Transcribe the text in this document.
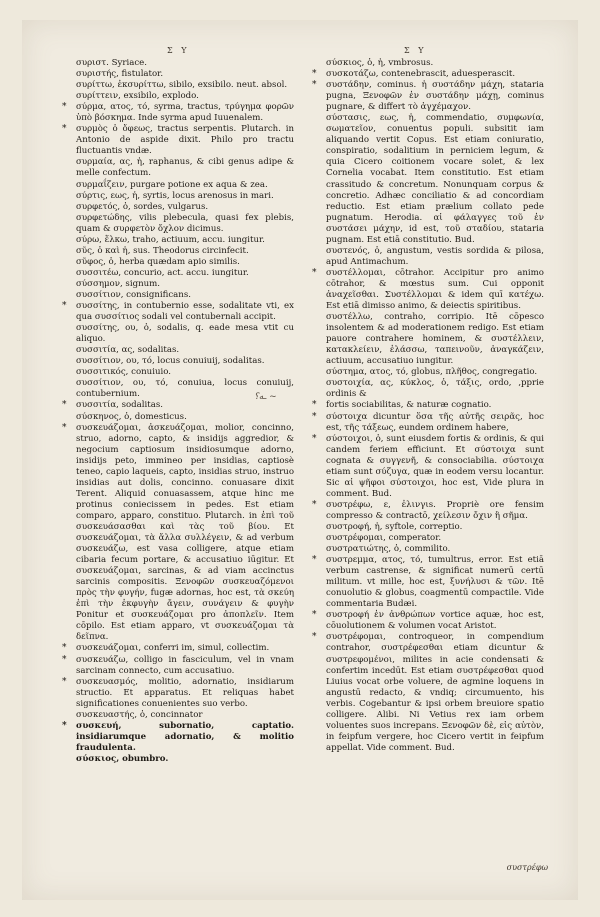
Σ Υ	Σ Υ

συριστ. Syriace.

συριστής, fistulator.

συρίττω, ἐκσυρίττω, sibilo, exsibilo. neut. absol.

συρίττειν, exsibilo, explodo.

* σύρμα, ατος, τό, syrma, tractus, τρύγημα φορῶν ὑπὸ βόσκημα. Inde syrma apud Iuuenalem.

* συρμὸς ὁ ὄφεως, tractus serpentis. Plutarch. in Antonio de aspide dixit. Philo pro tractu fluctuantis vndæ.

συρμαία, ας, ἡ, raphanus, & cibi genus adipe & melle confectum.

συρμαΐζειν, purgare potione ex aqua & zea.

σύρτις, εως, ἡ, syrtis, locus arenosus in mari.

συρφετός, ὁ, sordes, vulgarus.

συρφετώδης, vilis plebecula, quasi fex plebis, quam & συρφετὸν ὄχλον dicimus.

σύρω, ἕλκω, traho, actiuum, accu. iungitur.

σῦς, ὁ καὶ ἡ, sus. Theodorus circinfecit.

σῦφος, ὁ, herba quædam apio similis.

συσσιτέω, concurio, act. accu. iungitur.

σύσσημον, signum.

συσσίτιον, consignificans.

* συσσίτης, in contubernio esse, sodalitate vti, ex qua συσσίτιος sodali vel contubernali accipit.

συσσίτης, ου, ὁ, sodalis, q. eade mesa vtit cu aliquo.

συσσιτία, ας, sodalitas.

συσσίτιον, ου, τό, locus conuiuij, sodalitas.

συσσιτικός, conuiuio.

συσσίτιον, ου, τό, conuiua, locus conuiuij, contubernium.

* συσσιτία, sodalitas.

σύσκηνος, ὁ, domesticus.

* συσκευάζομαι, ἀσκευάζομαι, molior, concinno, struo, adorno, capto, & insidijs aggredior, & negocium captiosum insidiosumque adorno, insidijs peto, immineo per insidias, captiosè teneo, capio laqueis, capto, insidias struo, instruo insidias aut dolis, concinno. conuasare dixit Terent. Aliquid conuasassem, atque hinc me protinus coniecissem in pedes. Est etiam comparo, apparo, constituo. Plutarch. in ἐπὶ τοῦ συσκευάσασθαι καὶ τὰς τοῦ βίου. Et συσκευάζομαι, τὰ ἄλλα συλλέγειν, & ad verbum συσκευάζω, est vasa colligere, atque etiam cibaria fecum portare, & accusatiuo iūgitur. Et συσκευάζομαι, sarcinas, & ad viam accinctus sarcinis compositis. Ξενοφῶν συσκευαζόμενοι πρὸς τὴν φυγήν, fugæ adornas, hoc est, τὰ σκεύη ἐπὶ τὴν ἐκφυγὴν ἄγειν, συνάγειν & φυγὴν Ponitur et συσκευάζομαι pro ἀποπλεῖν. Item cōpilo. Est etiam apparo, vt συσκευάζομαι τὰ δεῖπνα.

* συσκευάζομαι, conferri im, simul, collectim.

* συσκευάζω, colligo in fasciculum, vel in vnam sarcinam connecto, cum accusatiuo.

* συσκευασμός, molitio, adornatio, insidiarum structio. Et apparatus. Et reliquas habet significationes conuenientes suo verbo.

συσκευαστής, ὁ, concinnator

* συσκευή, subornatio, captatio. insidiarumque adornatio, & molitio fraudulenta.

σύσκιος, obumbro.

σύσκιος, ὁ, ἡ, vmbrosus.

* συσκοτάζω, contenebrascit, aduesperascit.

* συστάδην, cominus. ἡ συστάδην μάχη, stataria pugna, Ξενοφῶν ἐν συστάδην μάχῃ, cominus pugnare, & differt τὸ ἀγχέμαχον.

σύστασις, εως, ἡ, commendatio, συμφωνία, σωματεῖον, conuentus populi. subsitit iam aliquando vertit Copus. Est etiam coniuratio, conspiratio, sodalitium in perniciem legum, & quia Cicero coitionem vocare solet, & lex Cornelia vocabat. Item constitutio. Est etiam crassitudo & concretum. Nonunquam corpus & concretio. Adhæc conciliatio & ad concordiam reductio. Est etiam prælium collato pede pugnatum. Herodia. αἱ φάλαγγες τοῦ ἐν συστάσει μάχην, id est, τοῦ σταδίου, stataria pugnam. Est etiā constitutio. Bud.

συστενός, ὁ, angustum, vestis sordida & pilosa, apud Antimachum.

* συστέλλομαι, cōtrahor. Accipitur pro animo cōtrahor, & mœstus sum. Cui opponit ἀναχεῖσθαι. Συστέλλομαι & idem quī κατέχω. Est etiā dimisso animo, & deiectis spiritibus.

συστέλλω, contraho, corripio. Itē cōpesco insolentem & ad moderationem redigo. Est etiam pauore contrahere hominem, & συστέλλειν, κατακλείειν, ἐλάσσω, ταπεινοῦν, ἀναγκάζειν, actiuum, accusatiuo iungitur.

σύστημα, ατος, τό, globus, πλῆθος, congregatio.

συστοιχία, ας, κύκλος, ὁ, τάξις, ordo, ,pprie ordinis &

* fortis sociabilitas, & naturæ cognatio.

* σύστοιχα dicuntur ὅσα τῆς αὐτῆς σειρᾶς, hoc est, τῆς τάξεως, eundem ordinem habere,

* σύστοιχοι, ὁ, sunt eiusdem fortis & ordinis, & qui candem feriem efficiunt. Et σύστοιχα sunt cognata & συγγενῆ, & consociabilia. σύστοιχα etiam sunt σύζυγα, quæ in eodem versu locantur. Sic αἱ ψῆφοι σύστοιχοι, hoc est, Vide plura in comment. Bud.

* συστρέφω, ε, ἐλινγιs. Propriè ore fensim compresso & contractō, χείλεσιν ὄχιν ἢ σῆμα.

συστροφή, ἡ, syftole, correptio.

συστρέφομαι, comperator.

συστρατιώτης, ὁ, commilito.

* συστρεμμα, ατος, τό, tumultrus, error. Est etiā verbum castrense, & significat numerū certū militum. vt mille, hoc est, ξυνήλυσι & τῶν. Itē conuolutio & globus, coagmentū compactile. Vide commentaria Budæi.

* συστροφή ἐν ἀνθρώπων vortice aquæ, hoc est, cōuolutionem & volumen vocat Aristot.

* συστρέφομαι, controqueor, in compendium contrahor, συστρέφεσθαι etiam dicuntur & συστρεφομένοι, milites in acie condensati & confertim incedūt. Est etiam συστρέφεσθαι quod Liuius vocat orbe voluere, de agmine loquens in angustū redacto, & vndiq; circumuento, his verbis. Cogebantur & ipsi orbem breuiore spatio colligere. Alibi. Ni Vetius rex iam orbem voluentes suos increpans. Ξενοφῶν δὲ, εἰς αὑτὸν, in feipfum vergere, hoc Cicero vertit in feipfum appellat. Vide comment. Bud.

ـه؟ ~
συστρέφω
